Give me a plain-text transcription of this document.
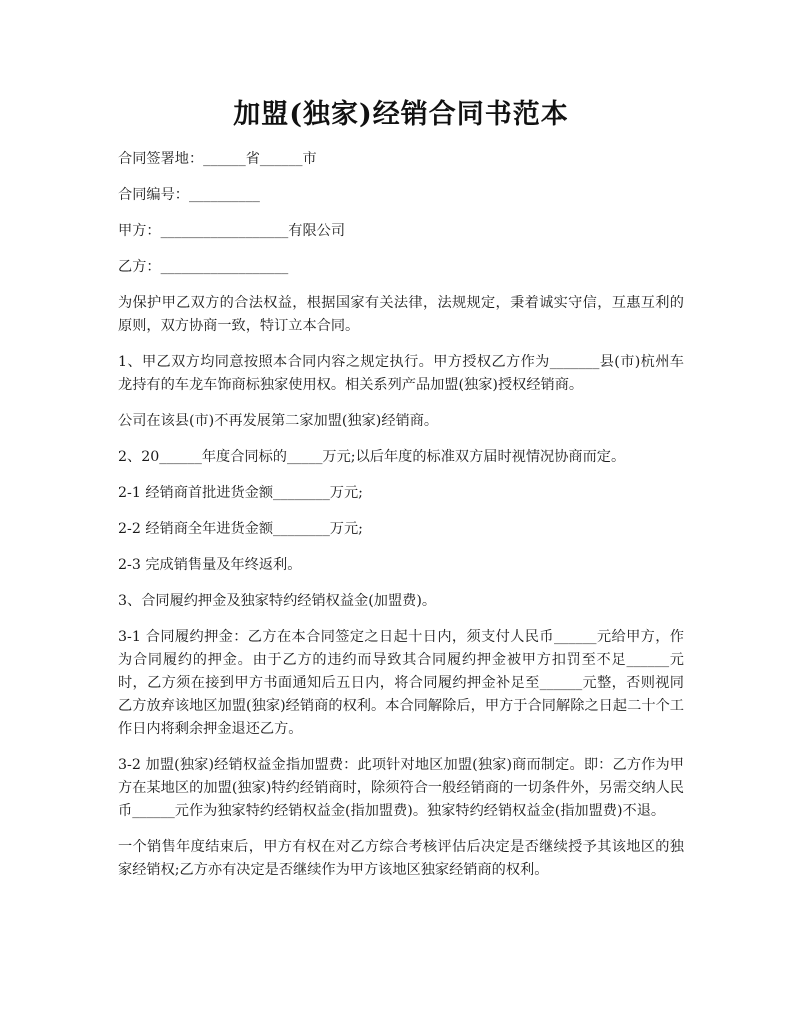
加盟(独家)经销合同书范本

合同签署地：______省______市

合同编号：__________

甲方：__________________有限公司

乙方：__________________

为保护甲乙双方的合法权益，根据国家有关法律，法规规定，秉着诚实守信，互惠互利的原则，双方协商一致，特订立本合同。

1、甲乙双方均同意按照本合同内容之规定执行。甲方授权乙方作为_______县(市)杭州车龙持有的车龙车饰商标独家使用权。相关系列产品加盟(独家)授权经销商。

公司在该县(市)不再发展第二家加盟(独家)经销商。

2、20______年度合同标的_____万元;以后年度的标准双方届时视情况协商而定。

2-1 经销商首批进货金额________万元;

2-2 经销商全年进货金额________万元;

2-3 完成销售量及年终返利。

3、合同履约押金及独家特约经销权益金(加盟费)。

3-1 合同履约押金：乙方在本合同签定之日起十日内，须支付人民币______元给甲方，作为合同履约的押金。由于乙方的违约而导致其合同履约押金被甲方扣罚至不足______元时，乙方须在接到甲方书面通知后五日内，将合同履约押金补足至______元整，否则视同乙方放弃该地区加盟(独家)经销商的权利。本合同解除后，甲方于合同解除之日起二十个工作日内将剩余押金退还乙方。

3-2 加盟(独家)经销权益金指加盟费：此项针对地区加盟(独家)商而制定。即：乙方作为甲方在某地区的加盟(独家)特约经销商时，除须符合一般经销商的一切条件外，另需交纳人民币______元作为独家特约经销权益金(指加盟费)。独家特约经销权益金(指加盟费)不退。

一个销售年度结束后，甲方有权在对乙方综合考核评估后决定是否继续授予其该地区的独家经销权;乙方亦有决定是否继续作为甲方该地区独家经销商的权利。
